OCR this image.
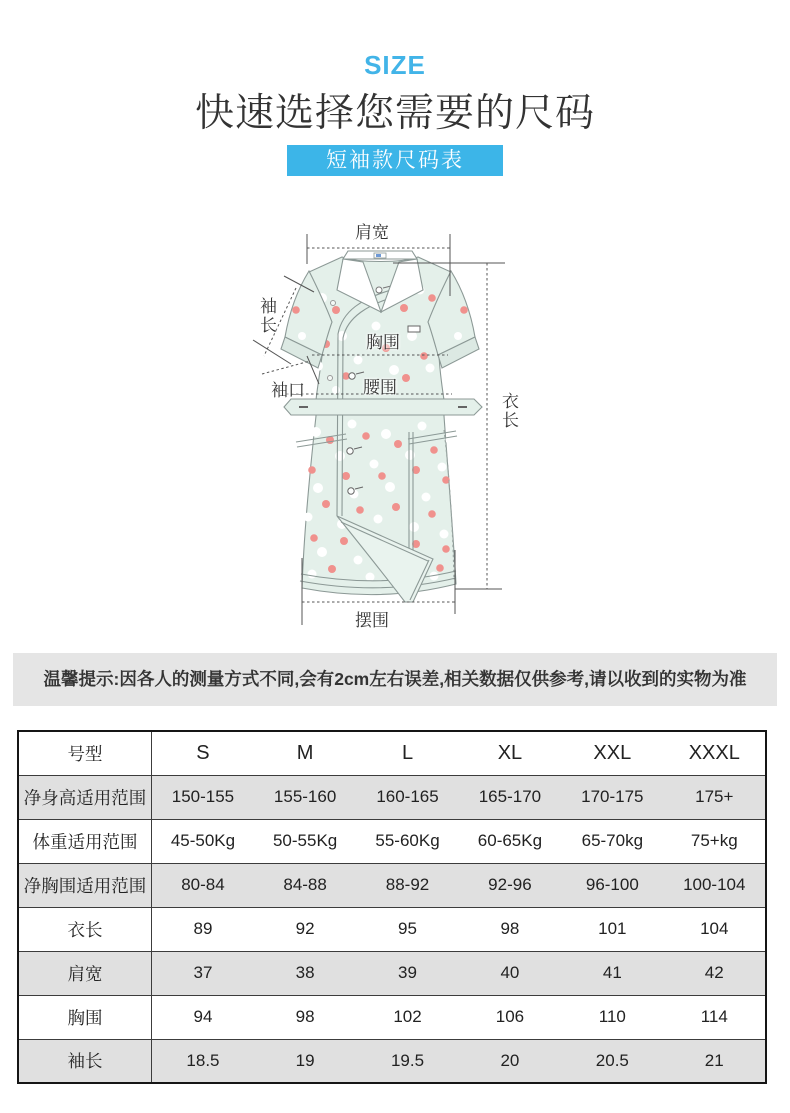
SIZE
快速选择您需要的尺码
短袖款尺码表
肩宽
袖长
胸围
袖口	腰围
衣长
摆围
温馨提示:因各人的测量方式不同,会有2cm左右误差,相关数据仅供参考,请以收到的实物为准
号型	S	M	L	XL	XXL	XXXL
净身高适用范围	150-155	155-160	160-165	165-170	170-175	175+
体重适用范围	45-50Kg	50-55Kg	55-60Kg	60-65Kg	65-70kg	75+kg
净胸围适用范围	80-84	84-88	88-92	92-96	96-100	100-104
衣长	89	92	95	98	101	104
肩宽	37	38	39	40	41	42
胸围	94	98	102	106	110	114
袖长	18.5	19	19.5	20	20.5	21
